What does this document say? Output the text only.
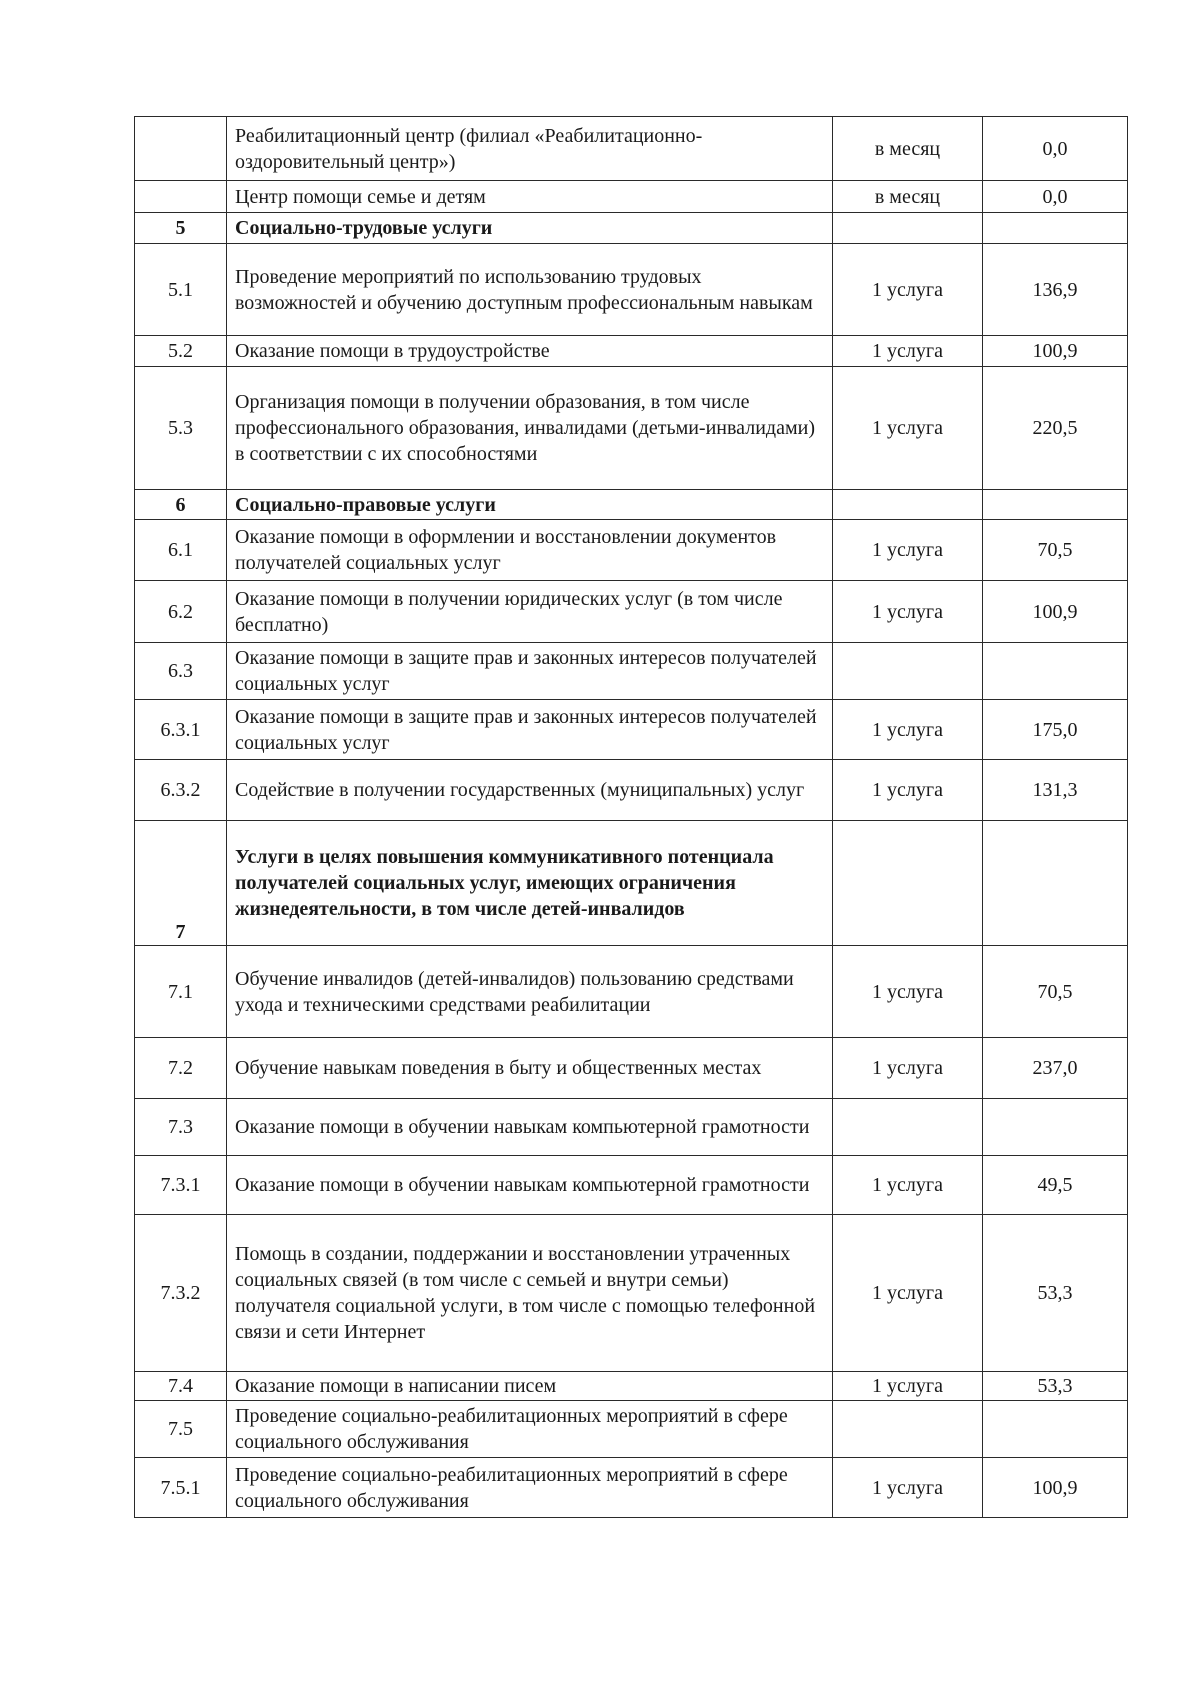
	Реабилитационный центр (филиал «Реабилитационно-оздоровительный центр»)	в месяц	0,0
	Центр помощи семье и детям	в месяц	0,0
5	Социально-трудовые услуги		
5.1	Проведение мероприятий по использованию трудовых возможностей и обучению доступным профессиональным навыкам	1 услуга	136,9
5.2	Оказание помощи в трудоустройстве	1 услуга	100,9
5.3	Организация помощи в получении образования, в том числе профессионального образования, инвалидами (детьми-инвалидами) в соответствии с их способностями	1 услуга	220,5
6	Социально-правовые услуги		
6.1	Оказание помощи в оформлении и восстановлении документов получателей социальных услуг	1 услуга	70,5
6.2	Оказание помощи в получении юридических услуг (в том числе бесплатно)	1 услуга	100,9
6.3	Оказание помощи в защите прав и законных интересов получателей социальных услуг		
6.3.1	Оказание помощи в защите прав и законных интересов получателей социальных услуг	1 услуга	175,0
6.3.2	Содействие в получении государственных (муниципальных) услуг	1 услуга	131,3
7	Услуги в целях повышения коммуникативного потенциала получателей социальных услуг, имеющих ограничения жизнедеятельности, в том числе детей-инвалидов		
7.1	Обучение инвалидов (детей-инвалидов) пользованию средствами ухода и техническими средствами реабилитации	1 услуга	70,5
7.2	Обучение навыкам поведения в быту и общественных местах	1 услуга	237,0
7.3	Оказание помощи в обучении навыкам компьютерной грамотности		
7.3.1	Оказание помощи в обучении навыкам компьютерной грамотности	1 услуга	49,5
7.3.2	Помощь в создании, поддержании и восстановлении утраченных социальных связей (в том числе с семьей и внутри семьи) получателя социальной услуги, в том числе с помощью телефонной связи и сети Интернет	1 услуга	53,3
7.4	Оказание помощи в написании писем	1 услуга	53,3
7.5	Проведение социально-реабилитационных мероприятий в сфере социального обслуживания		
7.5.1	Проведение социально-реабилитационных мероприятий в сфере социального обслуживания	1 услуга	100,9
